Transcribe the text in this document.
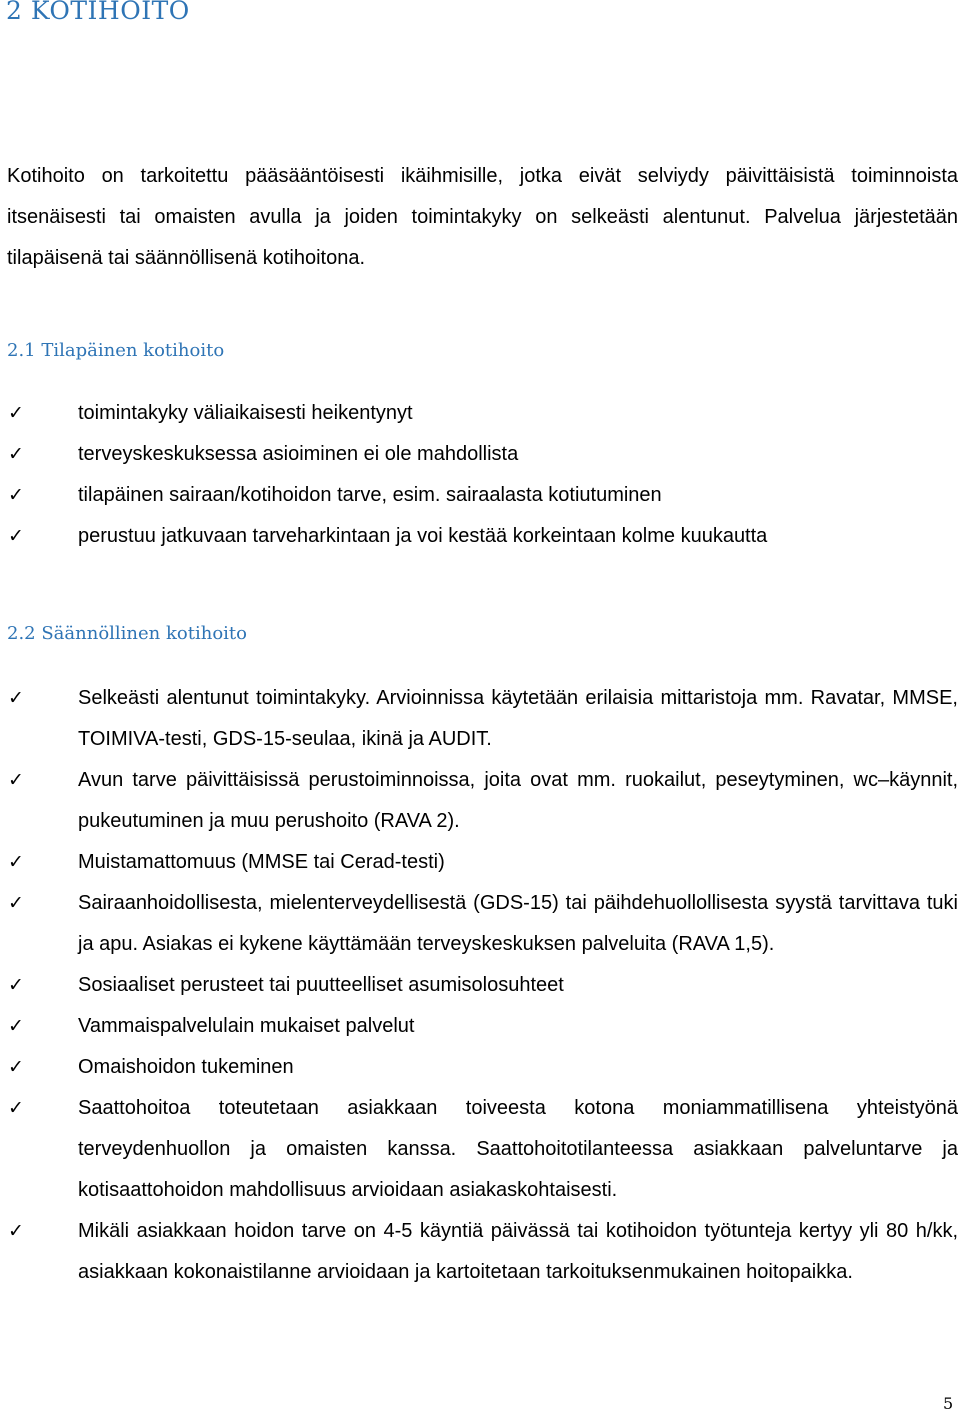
2 KOTIHOITO

Kotihoito on tarkoitettu pääsääntöisesti ikäihmisille, jotka eivät selviydy päivittäisistä toiminnoista itsenäisesti tai omaisten avulla ja joiden toimintakyky on selkeästi alentunut. Palvelua järjestetään tilapäisenä tai säännöllisenä kotihoitona.

2.1 Tilapäinen kotihoito
✓	toimintakyky väliaikaisesti heikentynyt
✓	terveyskeskuksessa asioiminen ei ole mahdollista
✓	tilapäinen sairaan/kotihoidon tarve, esim. sairaalasta kotiutuminen
✓	perustuu jatkuvaan tarveharkintaan ja voi kestää korkeintaan kolme kuukautta
2.2 Säännöllinen kotihoito
✓	Selkeästi alentunut toimintakyky. Arvioinnissa käytetään erilaisia mittaristoja mm. Ravatar, MMSE, TOIMIVA-testi, GDS-15-seulaa, ikinä ja AUDIT.
✓	Avun tarve päivittäisissä perustoiminnoissa, joita ovat mm. ruokailut, peseytyminen, wc–käynnit, pukeutuminen ja muu perushoito (RAVA 2).
✓	Muistamattomuus (MMSE tai Cerad-testi)
✓	Sairaanhoidollisesta, mielenterveydellisestä (GDS-15) tai päihdehuollollisesta syystä tarvittava tuki ja apu. Asiakas ei kykene käyttämään terveyskeskuksen palveluita (RAVA 1,5).
✓	Sosiaaliset perusteet tai puutteelliset asumisolosuhteet
✓	Vammaispalvelulain mukaiset palvelut
✓	Omaishoidon tukeminen
✓	Saattohoitoa toteutetaan asiakkaan toiveesta kotona moniammatillisena yhteistyönä terveydenhuollon ja omaisten kanssa. Saattohoitotilanteessa asiakkaan palveluntarve ja kotisaattohoidon mahdollisuus arvioidaan asiakaskohtaisesti.
✓	Mikäli asiakkaan hoidon tarve on 4-5 käyntiä päivässä tai kotihoidon työtunteja kertyy yli 80 h/kk, asiakkaan kokonaistilanne arvioidaan ja kartoitetaan tarkoituksenmukainen hoitopaikka.
5
